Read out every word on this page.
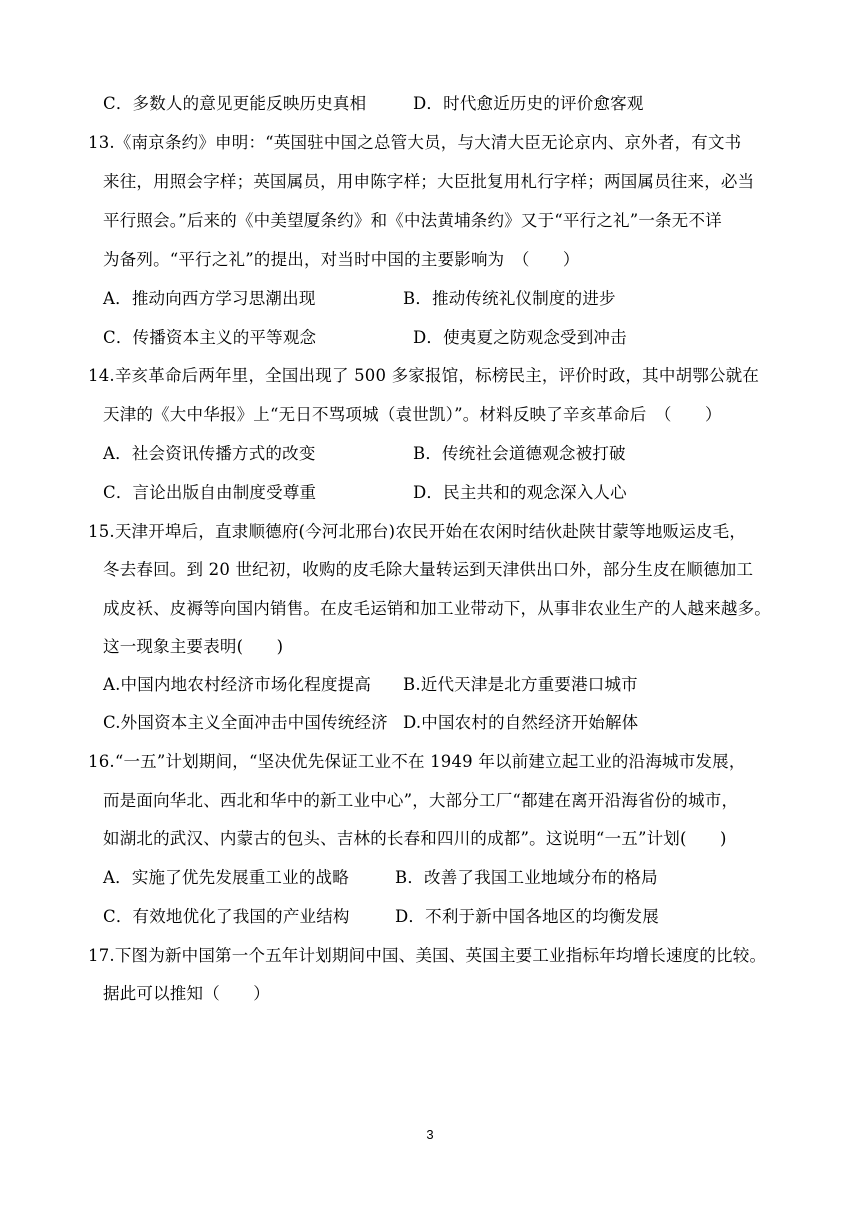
C．多数人的意见更能反映历史真相	D．时代愈近历史的评价愈客观
13.《南京条约》申明：“英国驻中国之总管大员，与大清大臣无论京内、京外者，有文书
来往，用照会字样；英国属员，用申陈字样；大臣批复用札行字样；两国属员往来，必当
平行照会。”后来的《中美望厦条约》和《中法黄埔条约》又于“平行之礼”一条无不详
为备列。“平行之礼”的提出，对当时中国的主要影响为　（　　）
A．推动向西方学习思潮出现	B．推动传统礼仪制度的进步
C．传播资本主义的平等观念	D．使夷夏之防观念受到冲击
14.辛亥革命后两年里，全国出现了 500 多家报馆，标榜民主，评价时政，其中胡鄂公就在
天津的《大中华报》上“无日不骂项城（袁世凯）”。材料反映了辛亥革命后　（　　）
A．社会资讯传播方式的改变	B．传统社会道德观念被打破
C．言论出版自由制度受尊重	D．民主共和的观念深入人心
15.天津开埠后，直隶顺德府(今河北邢台)农民开始在农闲时结伙赴陕甘蒙等地贩运皮毛，
冬去春回。到 20 世纪初，收购的皮毛除大量转运到天津供出口外，部分生皮在顺德加工
成皮袄、皮褥等向国内销售。在皮毛运销和加工业带动下，从事非农业生产的人越来越多。
这一现象主要表明(　　)
A.中国内地农村经济市场化程度提高 B.近代天津是北方重要港口城市
C.外国资本主义全面冲击中国传统经济 D.中国农村的自然经济开始解体
16.“一五”计划期间，“坚决优先保证工业不在 1949 年以前建立起工业的沿海城市发展，
而是面向华北、西北和华中的新工业中心”，大部分工厂“都建在离开沿海省份的城市，
如湖北的武汉、内蒙古的包头、吉林的长春和四川的成都”。这说明“一五”计划(　　)
A．实施了优先发展重工业的战略	B．改善了我国工业地域分布的格局
C．有效地优化了我国的产业结构	D．不利于新中国各地区的均衡发展
17.下图为新中国第一个五年计划期间中国、美国、英国主要工业指标年均增长速度的比较。
据此可以推知（　　）
3
